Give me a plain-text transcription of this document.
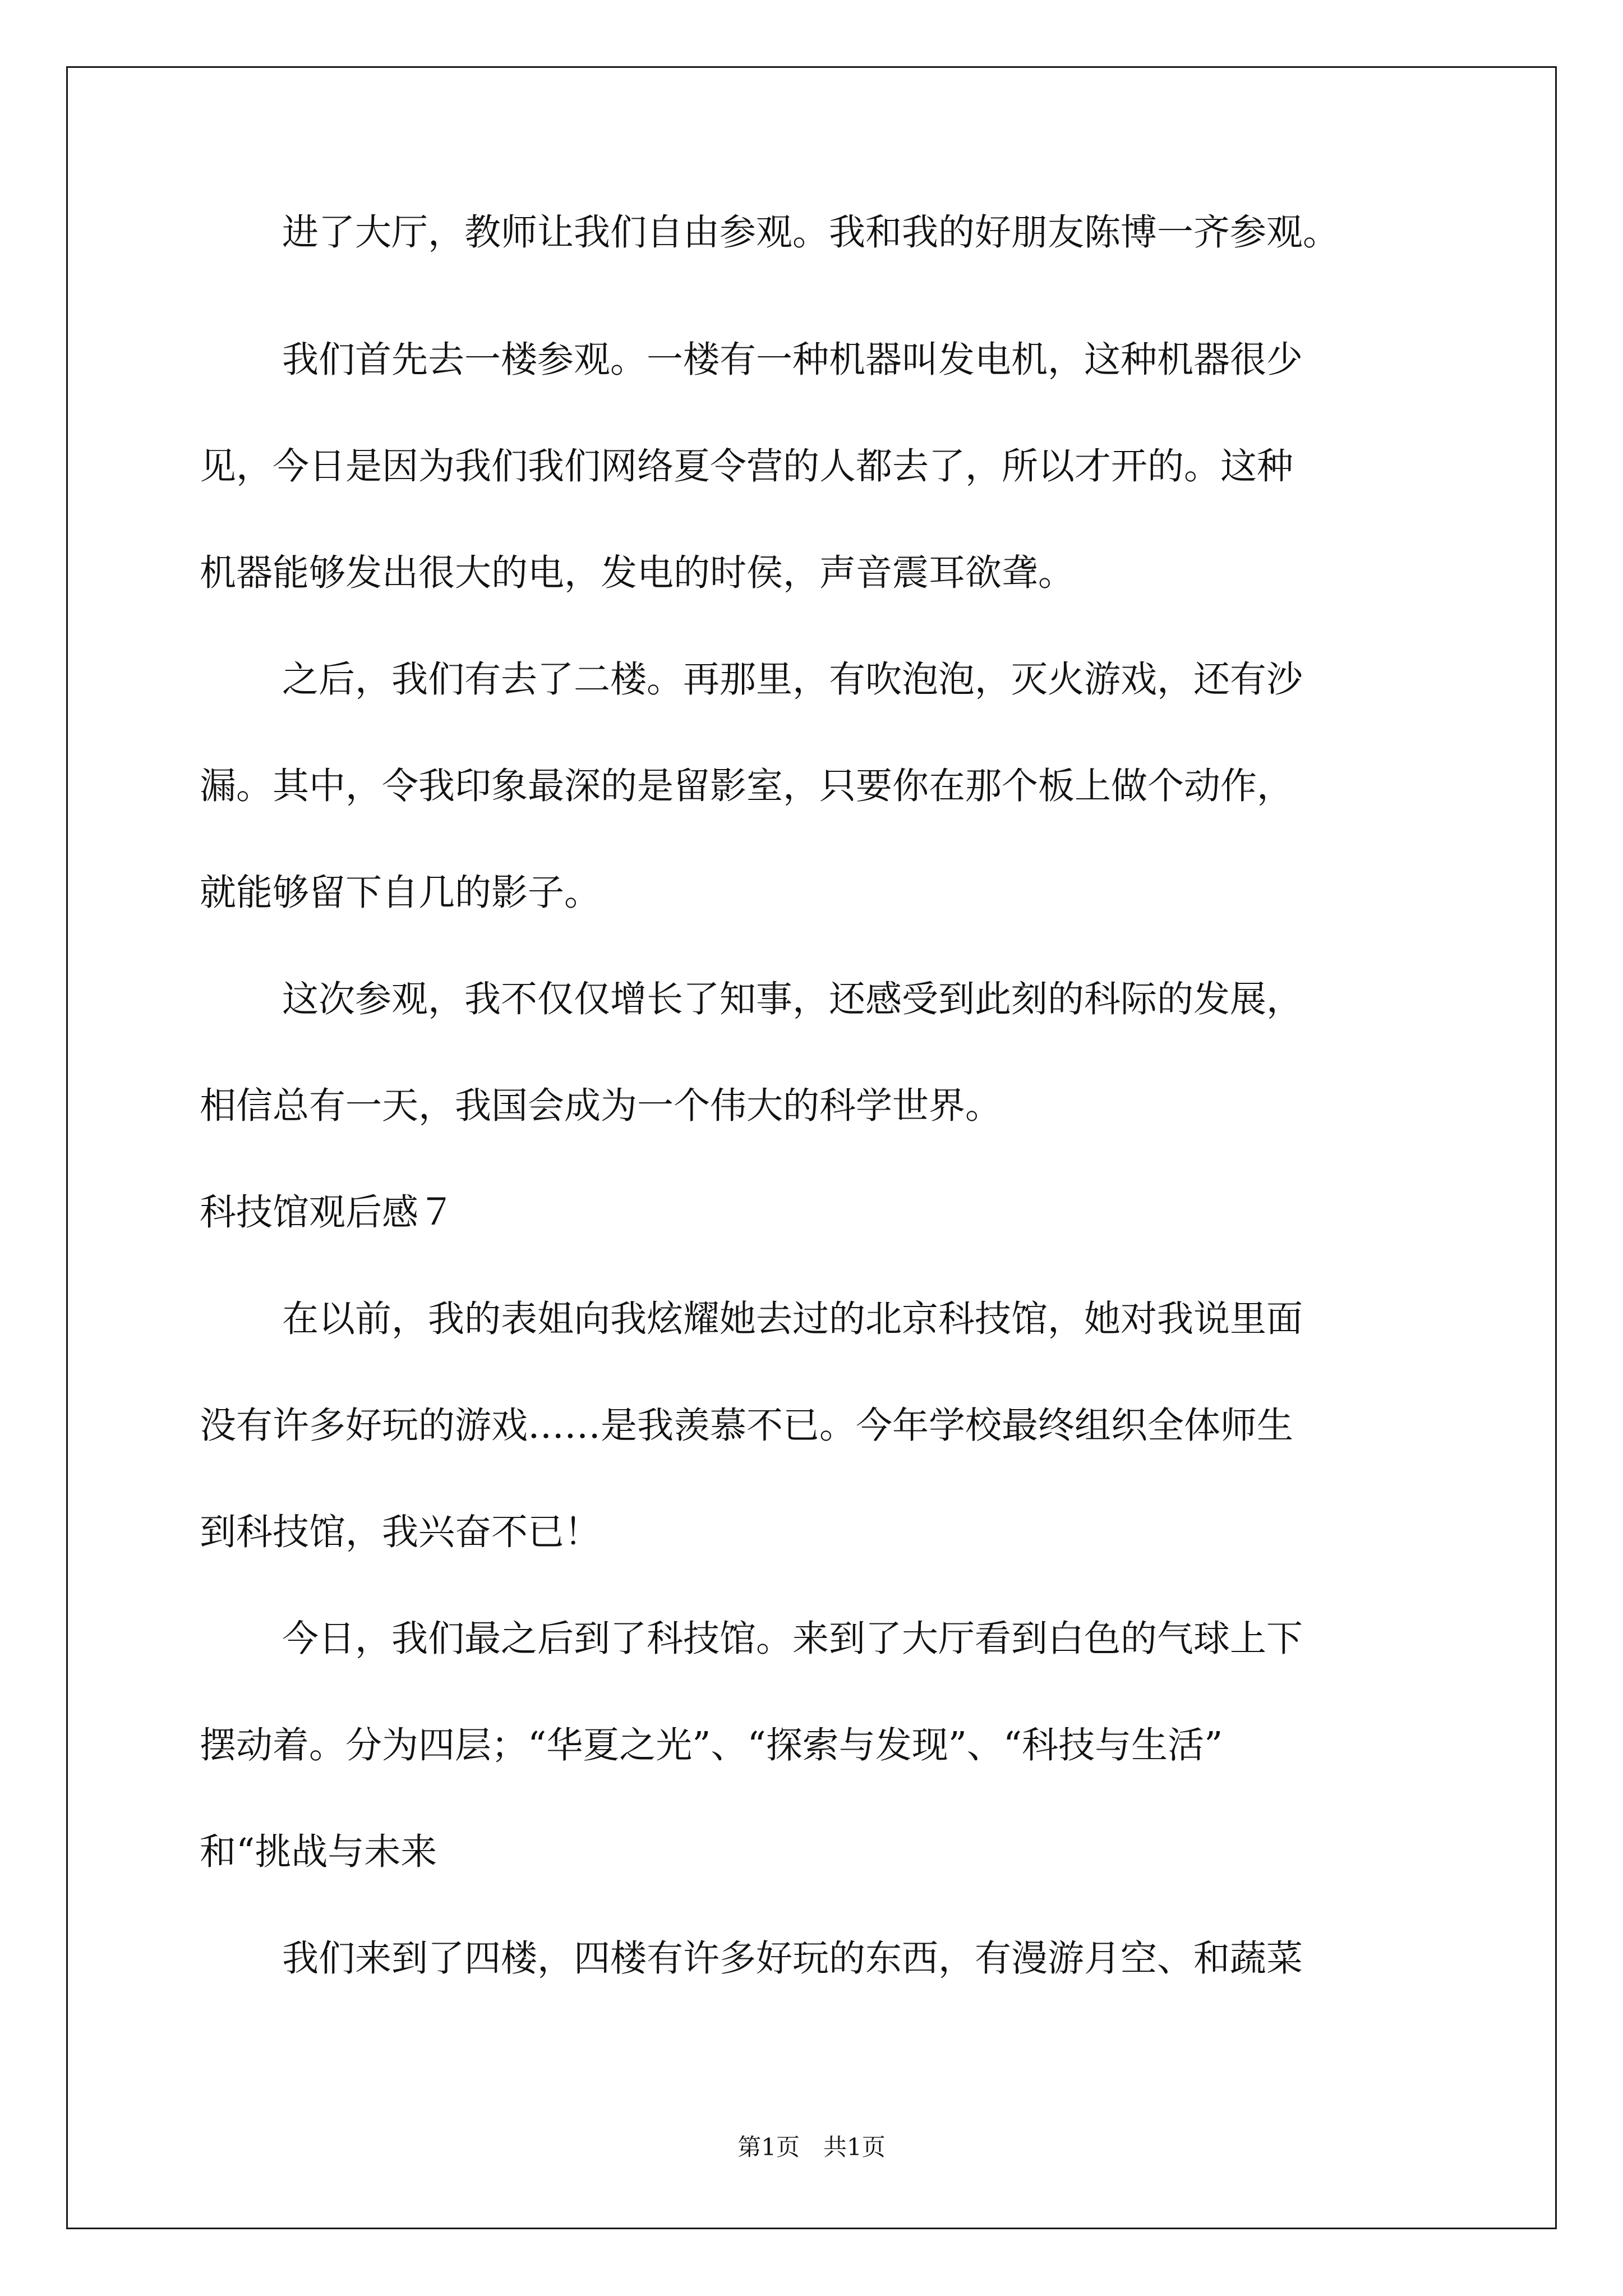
进了大厅，教师让我们自由参观。我和我的好朋友陈博一齐参观。
我们首先去一楼参观。一楼有一种机器叫发电机，这种机器很少
见，今日是因为我们我们网络夏令营的人都去了，所以才开的。这种
机器能够发出很大的电，发电的时侯，声音震耳欲聋。
之后，我们有去了二楼。再那里，有吹泡泡，灭火游戏，还有沙
漏。其中，令我印象最深的是留影室，只要你在那个板上做个动作，
就能够留下自几的影子。
这次参观，我不仅仅增长了知事，还感受到此刻的科际的发展，
相信总有一天，我国会成为一个伟大的科学世界。
科技馆观后感７
在以前，我的表姐向我炫耀她去过的北京科技馆，她对我说里面
没有许多好玩的游戏……是我羡慕不已。今年学校最终组织全体师生
到科技馆，我兴奋不已！
今日，我们最之后到了科技馆。来到了大厅看到白色的气球上下
摆动着。分为四层；“华夏之光”、“探索与发现”、“科技与生活”
和“挑战与未来
我们来到了四楼，四楼有许多好玩的东西，有漫游月空、和蔬菜
第1页　共1页
